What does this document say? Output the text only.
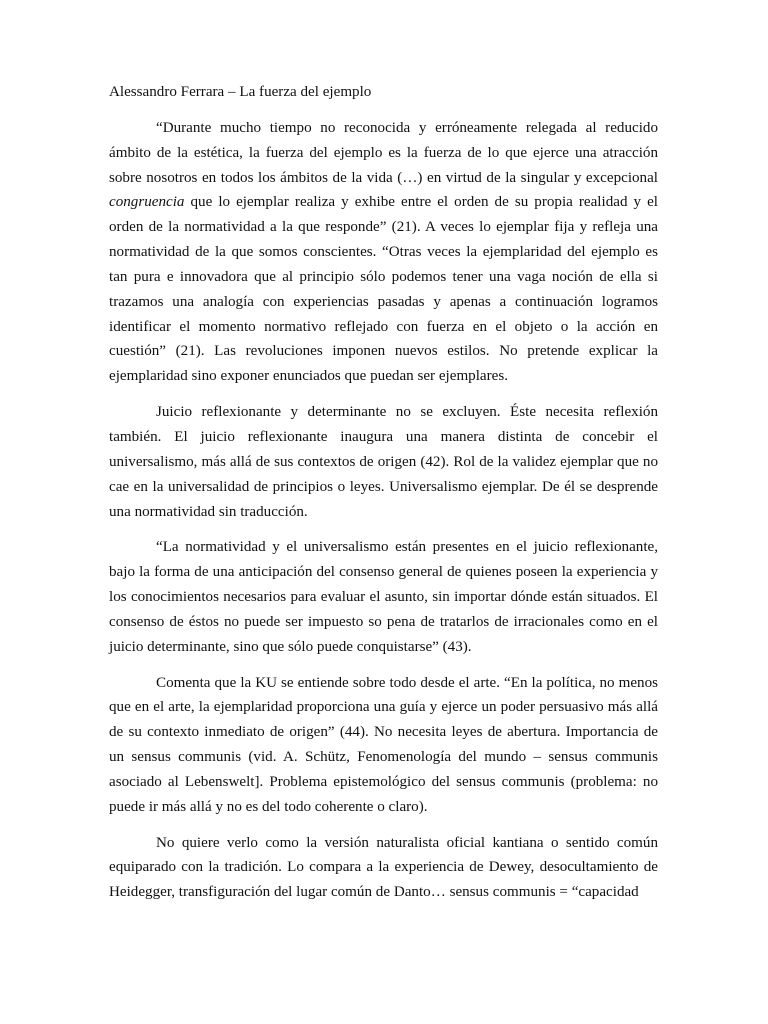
Alessandro Ferrara – La fuerza del ejemplo

“Durante mucho tiempo no reconocida y erróneamente relegada al reducido ámbito de la estética, la fuerza del ejemplo es la fuerza de lo que ejerce una atracción sobre nosotros en todos los ámbitos de la vida (…) en virtud de la singular y excepcional congruencia que lo ejemplar realiza y exhibe entre el orden de su propia realidad y el orden de la normatividad a la que responde” (21). A veces lo ejemplar fija y refleja una normatividad de la que somos conscientes. “Otras veces la ejemplaridad del ejemplo es tan pura e innovadora que al principio sólo podemos tener una vaga noción de ella si trazamos una analogía con experiencias pasadas y apenas a continuación logramos identificar el momento normativo reflejado con fuerza en el objeto o la acción en cuestión” (21). Las revoluciones imponen nuevos estilos. No pretende explicar la ejemplaridad sino exponer enunciados que puedan ser ejemplares.

Juicio reflexionante y determinante no se excluyen. Éste necesita reflexión también. El juicio reflexionante inaugura una manera distinta de concebir el universalismo, más allá de sus contextos de origen (42). Rol de la validez ejemplar que no cae en la universalidad de principios o leyes. Universalismo ejemplar. De él se desprende una normatividad sin traducción.

“La normatividad y el universalismo están presentes en el juicio reflexionante, bajo la forma de una anticipación del consenso general de quienes poseen la experiencia y los conocimientos necesarios para evaluar el asunto, sin importar dónde están situados. El consenso de éstos no puede ser impuesto so pena de tratarlos de irracionales como en el juicio determinante, sino que sólo puede conquistarse” (43).

Comenta que la KU se entiende sobre todo desde el arte. “En la política, no menos que en el arte, la ejemplaridad proporciona una guía y ejerce un poder persuasivo más allá de su contexto inmediato de origen” (44). No necesita leyes de abertura. Importancia de un sensus communis (vid. A. Schütz, Fenomenología del mundo – sensus communis asociado al Lebenswelt]. Problema epistemológico del sensus communis (problema: no puede ir más allá y no es del todo coherente o claro).

No quiere verlo como la versión naturalista oficial kantiana o sentido común equiparado con la tradición. Lo compara a la experiencia de Dewey, desocultamiento de Heidegger, transfiguración del lugar común de Danto… sensus communis = “capacidad
